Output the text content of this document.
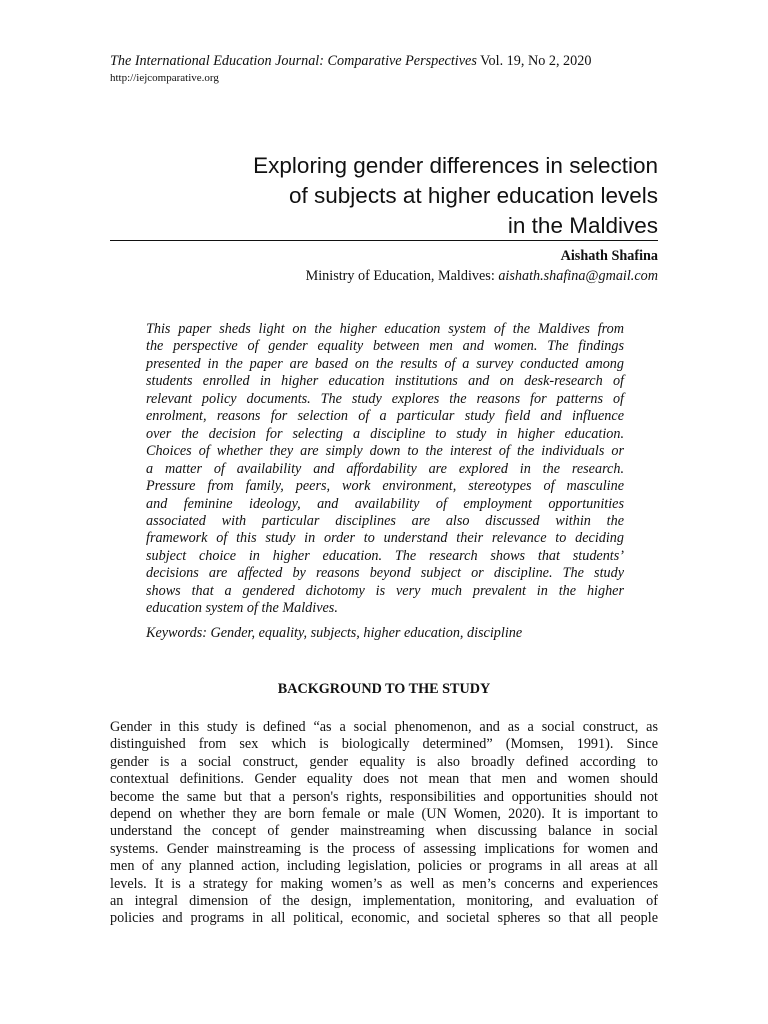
The International Education Journal: Comparative Perspectives Vol. 19, No 2, 2020
http://iejcomparative.org
Exploring gender differences in selection
of subjects at higher education levels
in the Maldives
Aishath Shafina
Ministry of Education, Maldives: aishath.shafina@gmail.com
This paper sheds light on the higher education system of the Maldives from
the perspective of gender equality between men and women. The findings
presented in the paper are based on the results of a survey conducted among
students enrolled in higher education institutions and on desk-research of
relevant policy documents. The study explores the reasons for patterns of
enrolment, reasons for selection of a particular study field and influence
over the decision for selecting a discipline to study in higher education.
Choices of whether they are simply down to the interest of the individuals or
a matter of availability and affordability are explored in the research.
Pressure from family, peers, work environment, stereotypes of masculine
and feminine ideology, and availability of employment opportunities
associated with particular disciplines are also discussed within the
framework of this study in order to understand their relevance to deciding
subject choice in higher education. The research shows that students’
decisions are affected by reasons beyond subject or discipline. The study
shows that a gendered dichotomy is very much prevalent in the higher
education system of the Maldives.
Keywords: Gender, equality, subjects, higher education, discipline
BACKGROUND TO THE STUDY
Gender in this study is defined “as a social phenomenon, and as a social construct, as
distinguished from sex which is biologically determined” (Momsen, 1991). Since
gender is a social construct, gender equality is also broadly defined according to
contextual definitions. Gender equality does not mean that men and women should
become the same but that a person's rights, responsibilities and opportunities should not
depend on whether they are born female or male (UN Women, 2020). It is important to
understand the concept of gender mainstreaming when discussing balance in social
systems. Gender mainstreaming is the process of assessing implications for women and
men of any planned action, including legislation, policies or programs in all areas at all
levels. It is a strategy for making women’s as well as men’s concerns and experiences
an integral dimension of the design, implementation, monitoring, and evaluation of
policies and programs in all political, economic, and societal spheres so that all people
